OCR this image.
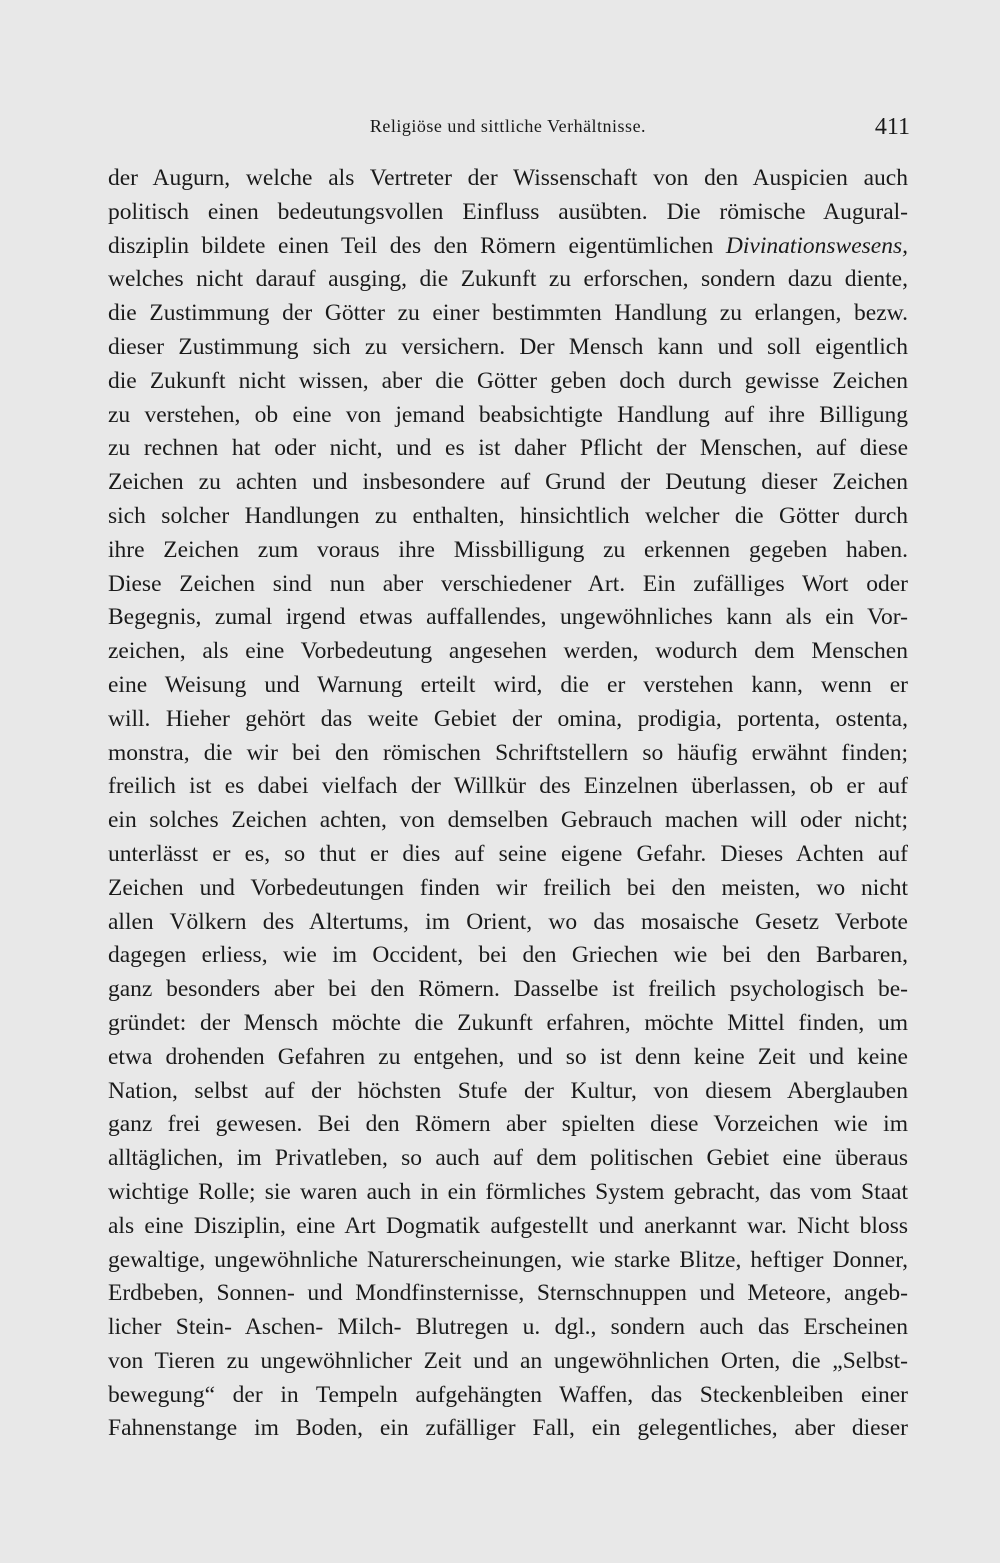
Religiöse und sittliche Verhältnisse.	411
der Augurn, welche als Vertreter der Wissenschaft von den Auspicien auch
politisch einen bedeutungsvollen Einfluss ausübten. Die römische Augural-
disziplin bildete einen Teil des den Römern eigentümlichen Divinationswesens,
welches nicht darauf ausging, die Zukunft zu erforschen, sondern dazu diente,
die Zustimmung der Götter zu einer bestimmten Handlung zu erlangen, bezw.
dieser Zustimmung sich zu versichern. Der Mensch kann und soll eigentlich
die Zukunft nicht wissen, aber die Götter geben doch durch gewisse Zeichen
zu verstehen, ob eine von jemand beabsichtigte Handlung auf ihre Billigung
zu rechnen hat oder nicht, und es ist daher Pflicht der Menschen, auf diese
Zeichen zu achten und insbesondere auf Grund der Deutung dieser Zeichen
sich solcher Handlungen zu enthalten, hinsichtlich welcher die Götter durch
ihre Zeichen zum voraus ihre Missbilligung zu erkennen gegeben haben.
Diese Zeichen sind nun aber verschiedener Art. Ein zufälliges Wort oder
Begegnis, zumal irgend etwas auffallendes, ungewöhnliches kann als ein Vor-
zeichen, als eine Vorbedeutung angesehen werden, wodurch dem Menschen
eine Weisung und Warnung erteilt wird, die er verstehen kann, wenn er
will. Hieher gehört das weite Gebiet der omina, prodigia, portenta, ostenta,
monstra, die wir bei den römischen Schriftstellern so häufig erwähnt finden;
freilich ist es dabei vielfach der Willkür des Einzelnen überlassen, ob er auf
ein solches Zeichen achten, von demselben Gebrauch machen will oder nicht;
unterlässt er es, so thut er dies auf seine eigene Gefahr. Dieses Achten auf
Zeichen und Vorbedeutungen finden wir freilich bei den meisten, wo nicht
allen Völkern des Altertums, im Orient, wo das mosaische Gesetz Verbote
dagegen erliess, wie im Occident, bei den Griechen wie bei den Barbaren,
ganz besonders aber bei den Römern. Dasselbe ist freilich psychologisch be-
gründet: der Mensch möchte die Zukunft erfahren, möchte Mittel finden, um
etwa drohenden Gefahren zu entgehen, und so ist denn keine Zeit und keine
Nation, selbst auf der höchsten Stufe der Kultur, von diesem Aberglauben
ganz frei gewesen. Bei den Römern aber spielten diese Vorzeichen wie im
alltäglichen, im Privatleben, so auch auf dem politischen Gebiet eine überaus
wichtige Rolle; sie waren auch in ein förmliches System gebracht, das vom Staat
als eine Disziplin, eine Art Dogmatik aufgestellt und anerkannt war. Nicht bloss
gewaltige, ungewöhnliche Naturerscheinungen, wie starke Blitze, heftiger Donner,
Erdbeben, Sonnen- und Mondfinsternisse, Sternschnuppen und Meteore, angeb-
licher Stein- Aschen- Milch- Blutregen u. dgl., sondern auch das Erscheinen
von Tieren zu ungewöhnlicher Zeit und an ungewöhnlichen Orten, die „Selbst-
bewegung“ der in Tempeln aufgehängten Waffen, das Steckenbleiben einer
Fahnenstange im Boden, ein zufälliger Fall, ein gelegentliches, aber dieser
